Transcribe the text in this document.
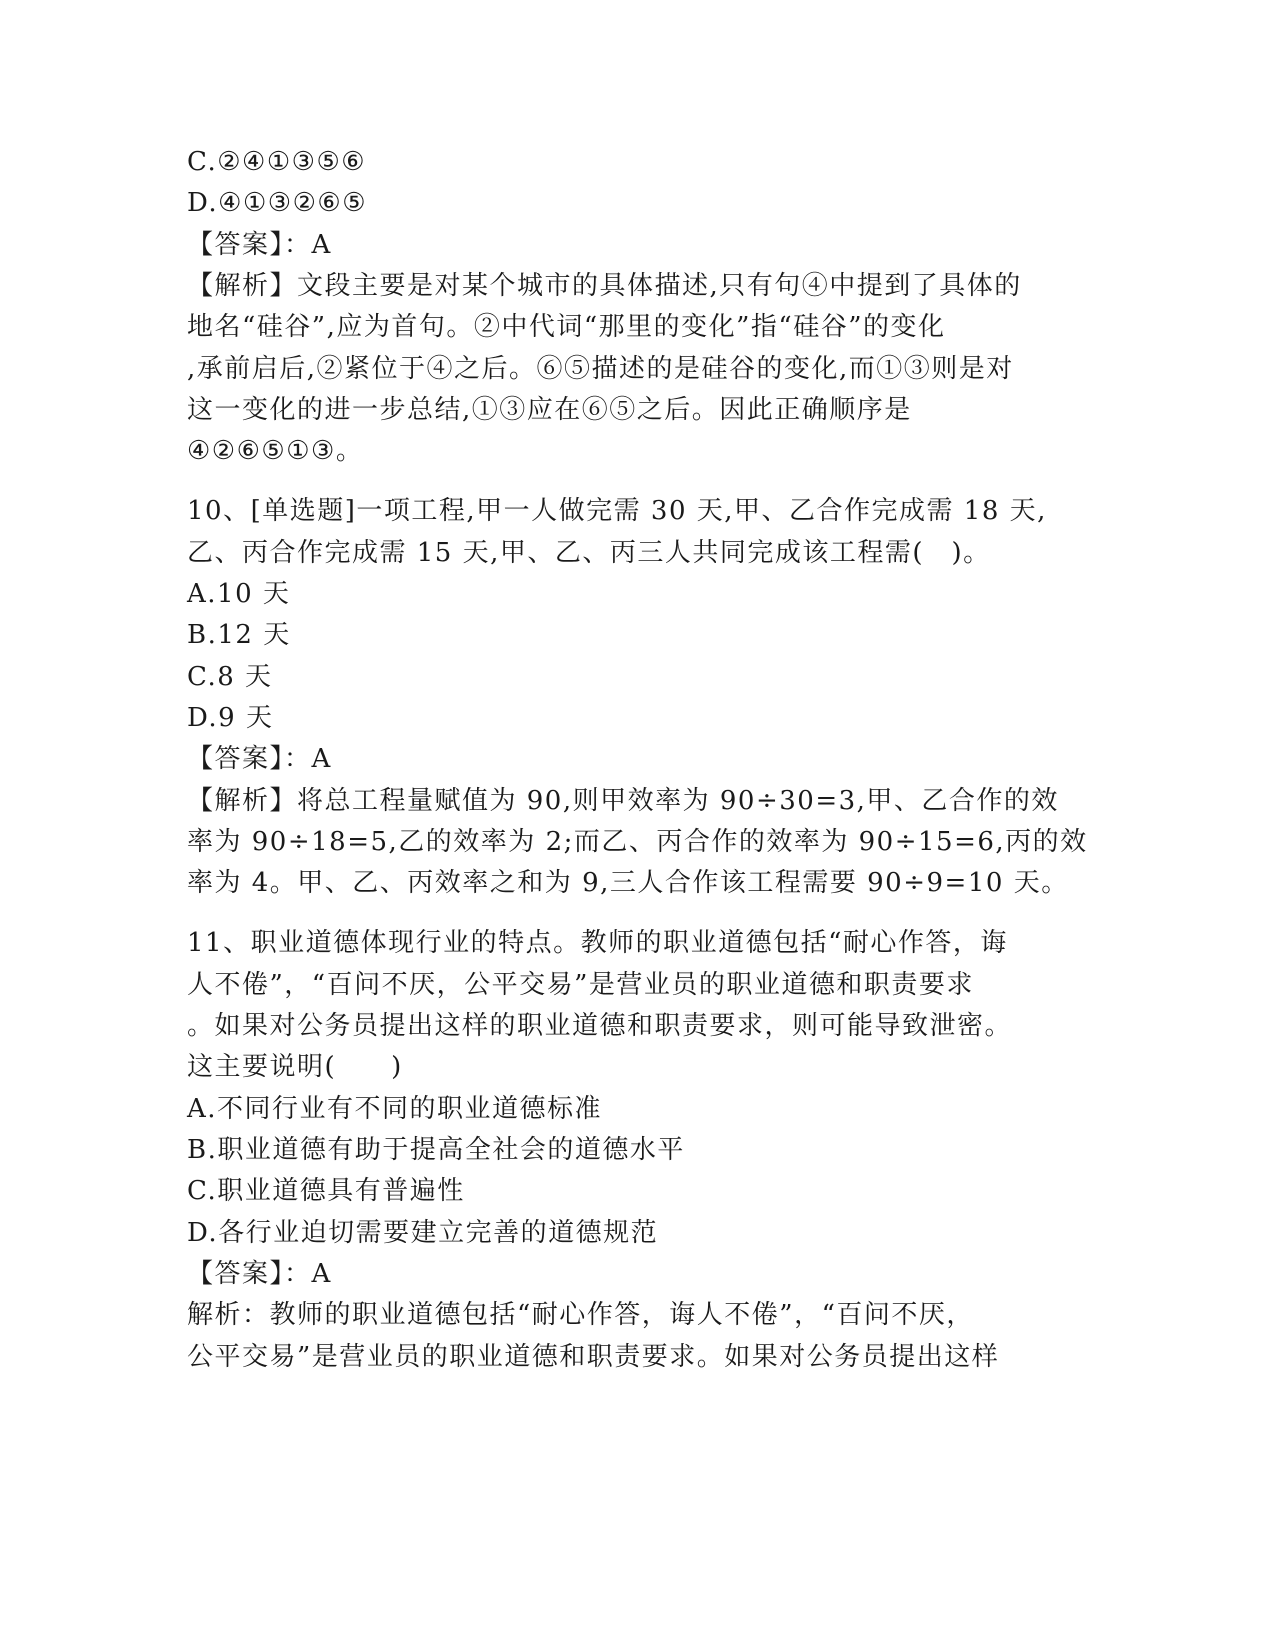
C.②④①③⑤⑥
D.④①③②⑥⑤
【答案】：A
【解析】文段主要是对某个城市的具体描述,只有句④中提到了具体的
地名“硅谷”,应为首句。②中代词“那里的变化”指“硅谷”的变化
,承前启后,②紧位于④之后。⑥⑤描述的是硅谷的变化,而①③则是对
这一变化的进一步总结,①③应在⑥⑤之后。因此正确顺序是
④②⑥⑤①③。
10、[单选题]一项工程,甲一人做完需 30 天,甲、乙合作完成需 18 天,
乙、丙合作完成需 15 天,甲、乙、丙三人共同完成该工程需(　)。
A.10 天
B.12 天
C.8 天
D.9 天
【答案】：A
【解析】将总工程量赋值为 90,则甲效率为 90÷30=3,甲、乙合作的效
率为 90÷18=5,乙的效率为 2;而乙、丙合作的效率为 90÷15=6,丙的效
率为 4。甲、乙、丙效率之和为 9,三人合作该工程需要 90÷9=10 天。
11、职业道德体现行业的特点。教师的职业道德包括“耐心作答，诲
人不倦”，“百问不厌，公平交易”是营业员的职业道德和职责要求
。如果对公务员提出这样的职业道德和职责要求，则可能导致泄密。
这主要说明(　　)
A.不同行业有不同的职业道德标准
B.职业道德有助于提高全社会的道德水平
C.职业道德具有普遍性
D.各行业迫切需要建立完善的道德规范
【答案】：A
解析：教师的职业道德包括“耐心作答，诲人不倦”，“百问不厌，
公平交易”是营业员的职业道德和职责要求。如果对公务员提出这样
